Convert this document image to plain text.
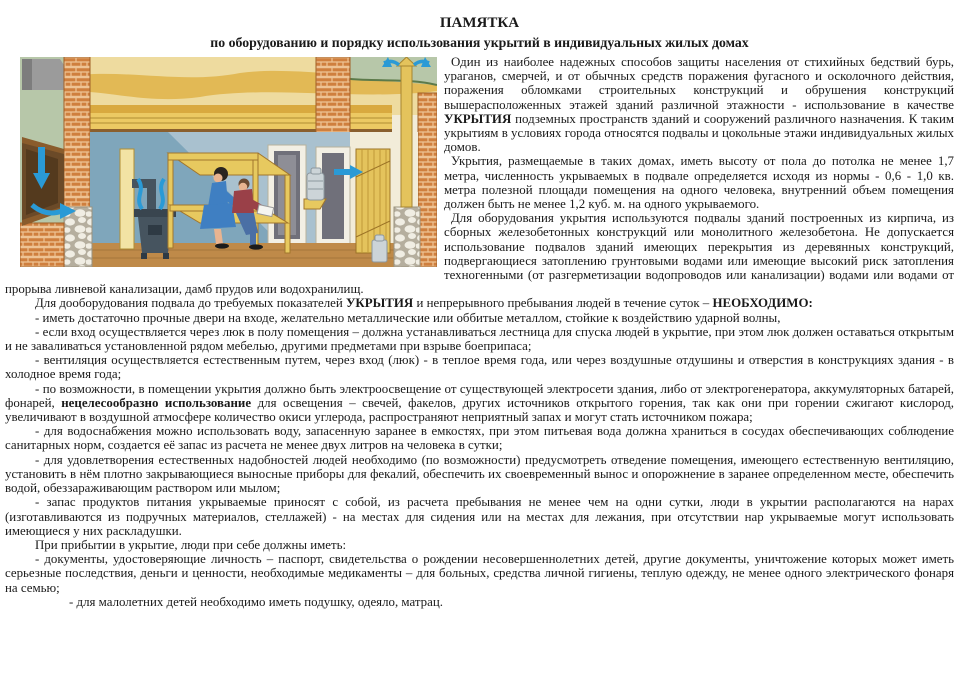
ПАМЯТКА
по оборудованию и порядку использования укрытий в индивидуальных жилых домах

Один из наиболее надежных способов защиты населения от стихийных бедствий бурь, ураганов, смерчей, и от обычных средств поражения фугасного и осколочного действия, поражения обломками строительных конструкций и обрушения конструкций вышерасположенных этажей зданий различной этажности - использование в качестве УКРЫТИЯ подземных пространств зданий и сооружений различного назначения. К таким укрытиям в условиях города относятся подвалы и цокольные этажи индивидуальных жилых домов.

Укрытия, размещаемые в таких домах, иметь высоту от пола до потолка не менее 1,7 метра, численность укрываемых в подвале определяется исходя из нормы - 0,6 - 1,0 кв. метра полезной площади помещения на одного человека, внутренний объем помещения должен быть не менее 1,2 куб. м. на одного укрываемого.

Для оборудования укрытия используются подвалы зданий построенных из кирпича, из сборных железобетонных конструкций или монолитного железобетона. Не допускается использование подвалов зданий имеющих перекрытия из деревянных конструкций, подвергающиеся затоплению грунтовыми водами или имеющие высокий риск затопления техногенными (от разгерметизации водопроводов или канализации) водами или водами от прорыва ливневой канализации, дамб прудов или водохранилищ.

Для дооборудования подвала до требуемых показателей УКРЫТИЯ и непрерывного пребывания людей в течение суток – НЕОБХОДИМО:

- иметь достаточно прочные двери на входе, желательно металлические или оббитые металлом, стойкие к воздействию ударной волны,

- если вход осуществляется через люк в полу помещения – должна устанавливаться лестница для спуска людей в укрытие, при этом люк должен оставаться открытым и не заваливаться установленной рядом мебелью, другими предметами при взрыве боеприпаса;

- вентиляция осуществляется естественным путем, через вход (люк) - в теплое время года, или через воздушные отдушины и отверстия в конструкциях здания - в холодное время года;

- по возможности, в помещении укрытия должно быть электроосвещение от существующей электросети здания, либо от электрогенератора, аккумуляторных батарей, фонарей, нецелесообразно использование для освещения – свечей, факелов, других источников открытого горения, так как они при горении сжигают кислород, увеличивают в воздушной атмосфере количество окиси углерода, распространяют неприятный запах и могут стать источником пожара;

- для водоснабжения можно использовать воду, запасенную заранее в емкостях, при этом питьевая вода должна храниться в сосудах обеспечивающих соблюдение санитарных норм, создается её запас из расчета не менее двух литров на человека в сутки;

- для удовлетворения естественных надобностей людей необходимо (по возможности) предусмотреть отведение помещения, имеющего естественную вентиляцию, установить в нём плотно закрывающиеся выносные приборы для фекалий, обеспечить их своевременный вынос и опорожнение в заранее определенном месте, обеспечить водой, обеззараживающим раствором или мылом;

- запас продуктов питания укрываемые приносят с собой, из расчета пребывания не менее чем на одни сутки, люди в укрытии располагаются на нарах (изготавливаются из подручных материалов, стеллажей) - на местах для сидения или на местах для лежания, при отсутствии нар укрываемые могут использовать имеющиеся у них раскладушки.

При прибытии в укрытие, люди при себе должны иметь:

- документы, удостоверяющие личность – паспорт, свидетельства о рождении несовершеннолетних детей, другие документы, уничтожение которых может иметь серьезные последствия, деньги и ценности, необходимые медикаменты – для больных, средства личной гигиены, теплую одежду, не менее одного электрического фонаря на семью;

- для малолетних детей необходимо иметь подушку, одеяло, матрац.
